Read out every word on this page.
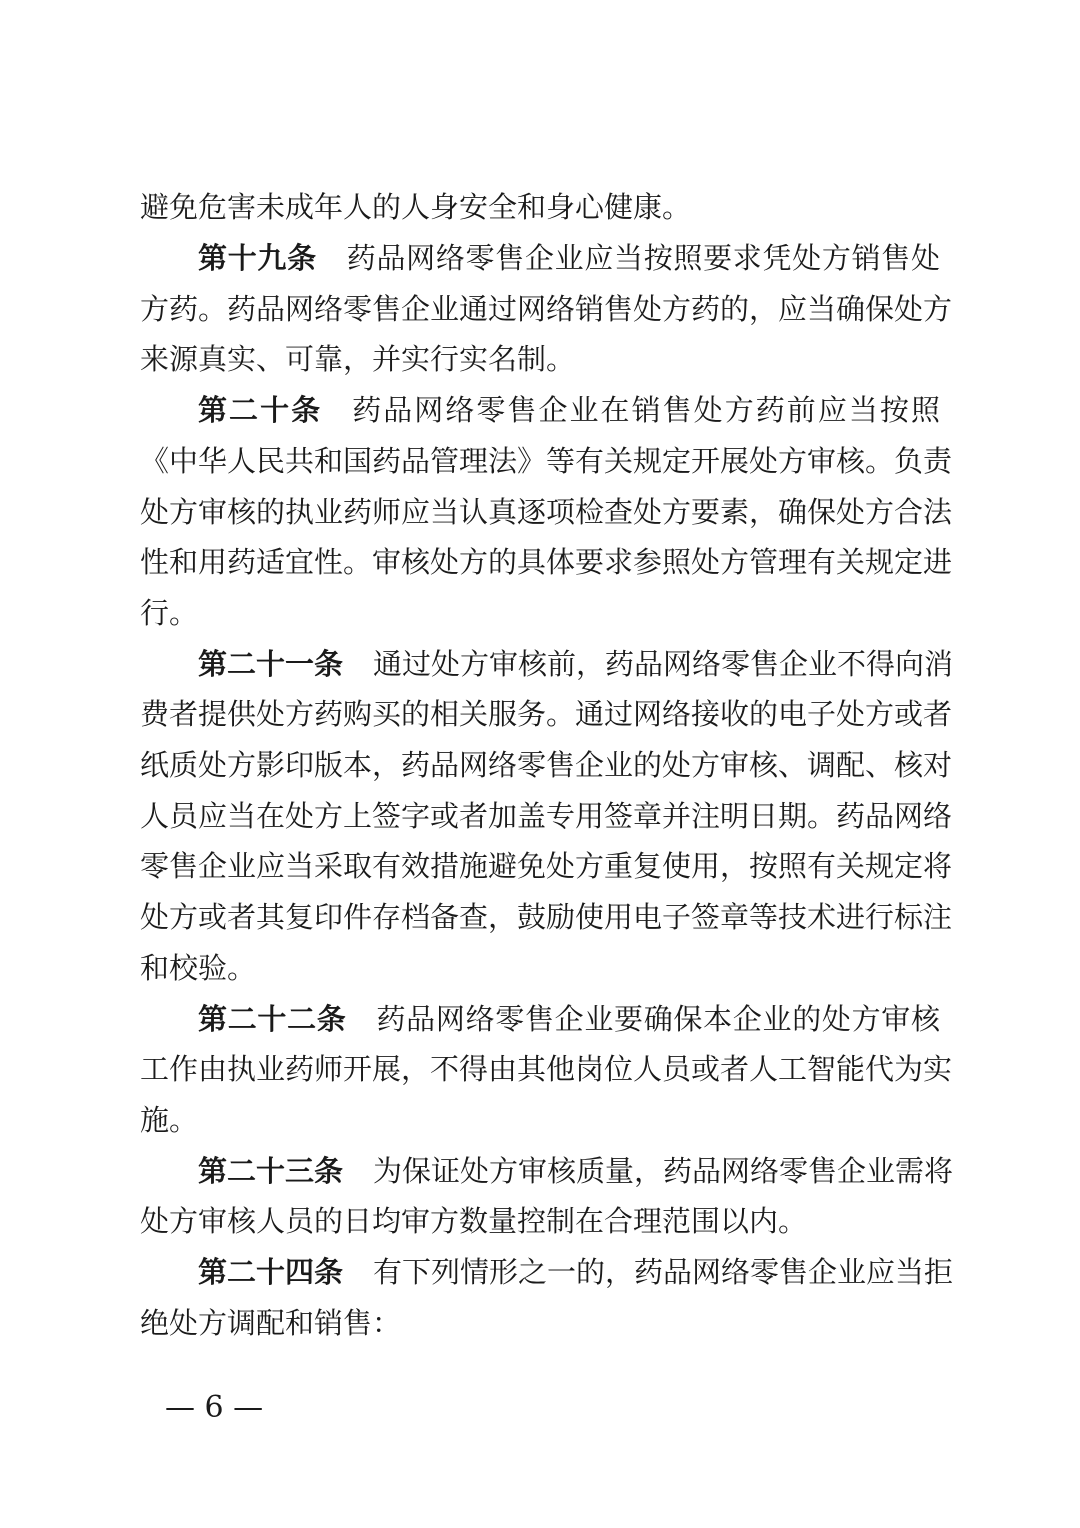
避免危害未成年人的人身安全和身心健康。
第十九条 药品网络零售企业应当按照要求凭处方销售处
方药。药品网络零售企业通过网络销售处方药的，应当确保处方
来源真实、可靠，并实行实名制。
第二十条 药品网络零售企业在销售处方药前应当按照
《中华人民共和国药品管理法》等有关规定开展处方审核。负责
处方审核的执业药师应当认真逐项检查处方要素，确保处方合法
性和用药适宜性。审核处方的具体要求参照处方管理有关规定进
行。
第二十一条 通过处方审核前，药品网络零售企业不得向消
费者提供处方药购买的相关服务。通过网络接收的电子处方或者
纸质处方影印版本，药品网络零售企业的处方审核、调配、核对
人员应当在处方上签字或者加盖专用签章并注明日期。药品网络
零售企业应当采取有效措施避免处方重复使用，按照有关规定将
处方或者其复印件存档备查，鼓励使用电子签章等技术进行标注
和校验。
第二十二条 药品网络零售企业要确保本企业的处方审核
工作由执业药师开展，不得由其他岗位人员或者人工智能代为实
施。
第二十三条 为保证处方审核质量，药品网络零售企业需将
处方审核人员的日均审方数量控制在合理范围以内。
第二十四条 有下列情形之一的，药品网络零售企业应当拒
绝处方调配和销售：
— 6 —
